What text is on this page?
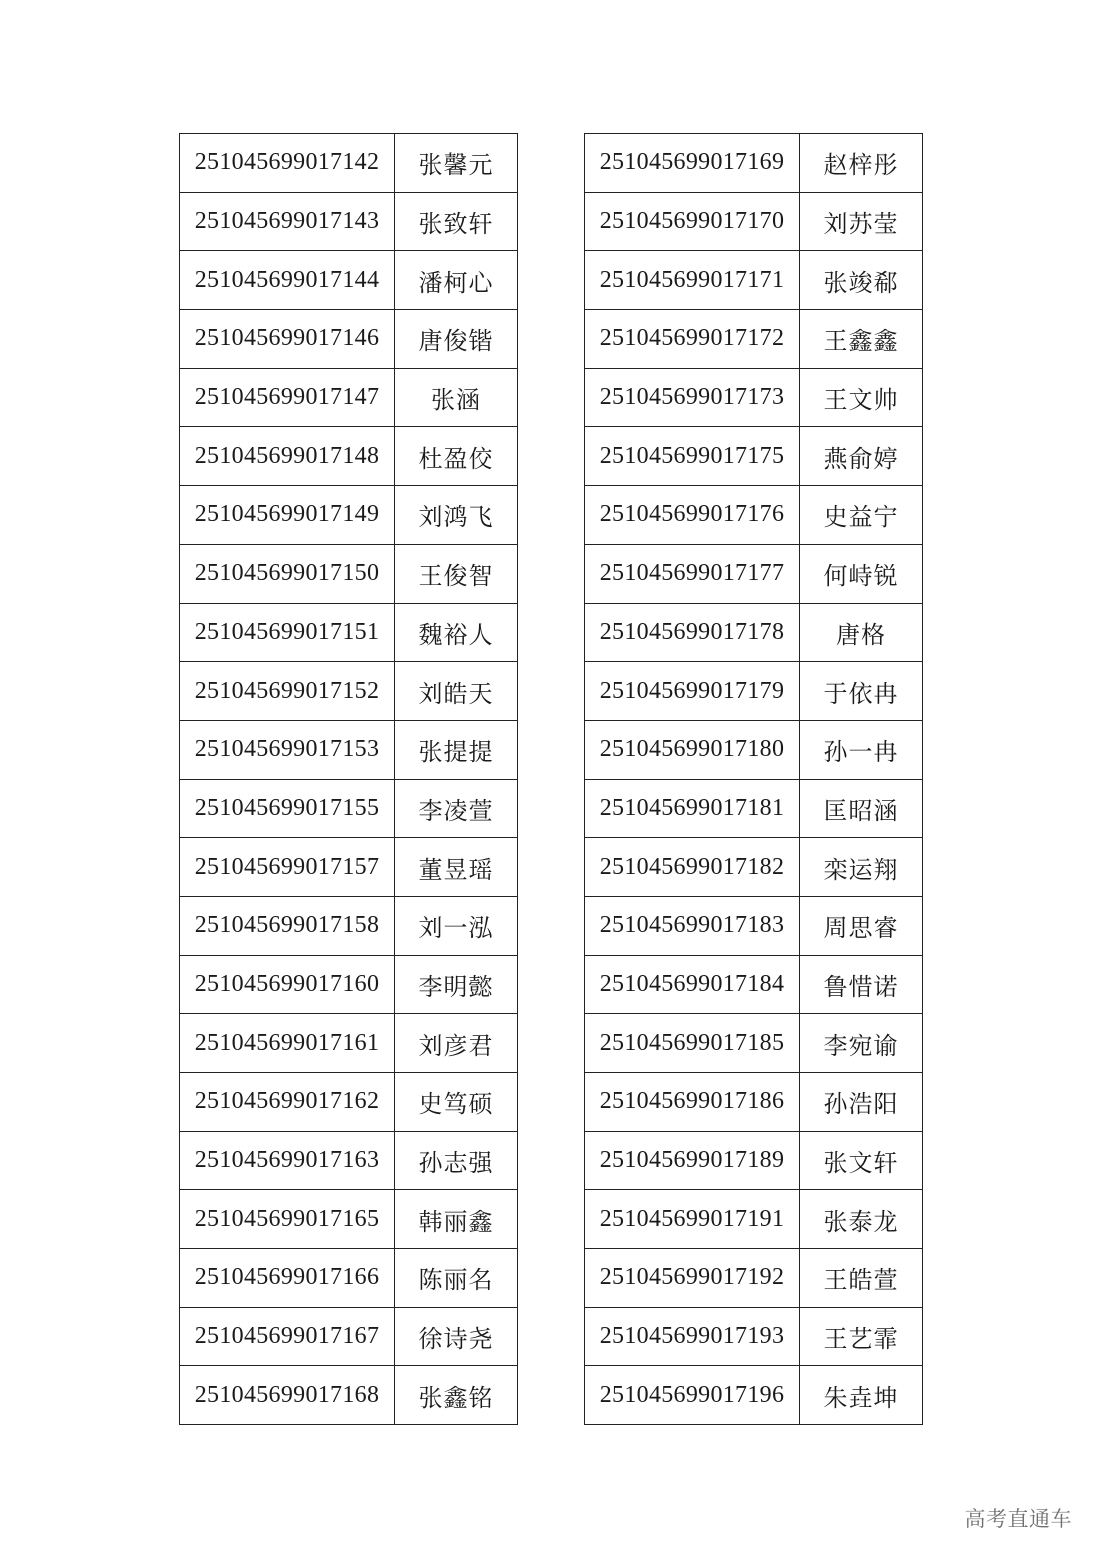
251045699017142	张馨元
251045699017143	张致轩
251045699017144	潘柯心
251045699017146	唐俊锴
251045699017147	张涵
251045699017148	杜盈佼
251045699017149	刘鸿飞
251045699017150	王俊智
251045699017151	魏裕人
251045699017152	刘皓天
251045699017153	张提提
251045699017155	李凌萱
251045699017157	董昱瑶
251045699017158	刘一泓
251045699017160	李明懿
251045699017161	刘彦君
251045699017162	史笃硕
251045699017163	孙志强
251045699017165	韩丽鑫
251045699017166	陈丽名
251045699017167	徐诗尧
251045699017168	张鑫铭
251045699017169	赵梓彤
251045699017170	刘苏莹
251045699017171	张竣郗
251045699017172	王鑫鑫
251045699017173	王文帅
251045699017175	燕俞婷
251045699017176	史益宁
251045699017177	何峙锐
251045699017178	唐格
251045699017179	于依冉
251045699017180	孙一冉
251045699017181	匡昭涵
251045699017182	栾运翔
251045699017183	周思睿
251045699017184	鲁惜诺
251045699017185	李宛谕
251045699017186	孙浩阳
251045699017189	张文轩
251045699017191	张泰龙
251045699017192	王皓萱
251045699017193	王艺霏
251045699017196	朱垚坤
高考直通车
